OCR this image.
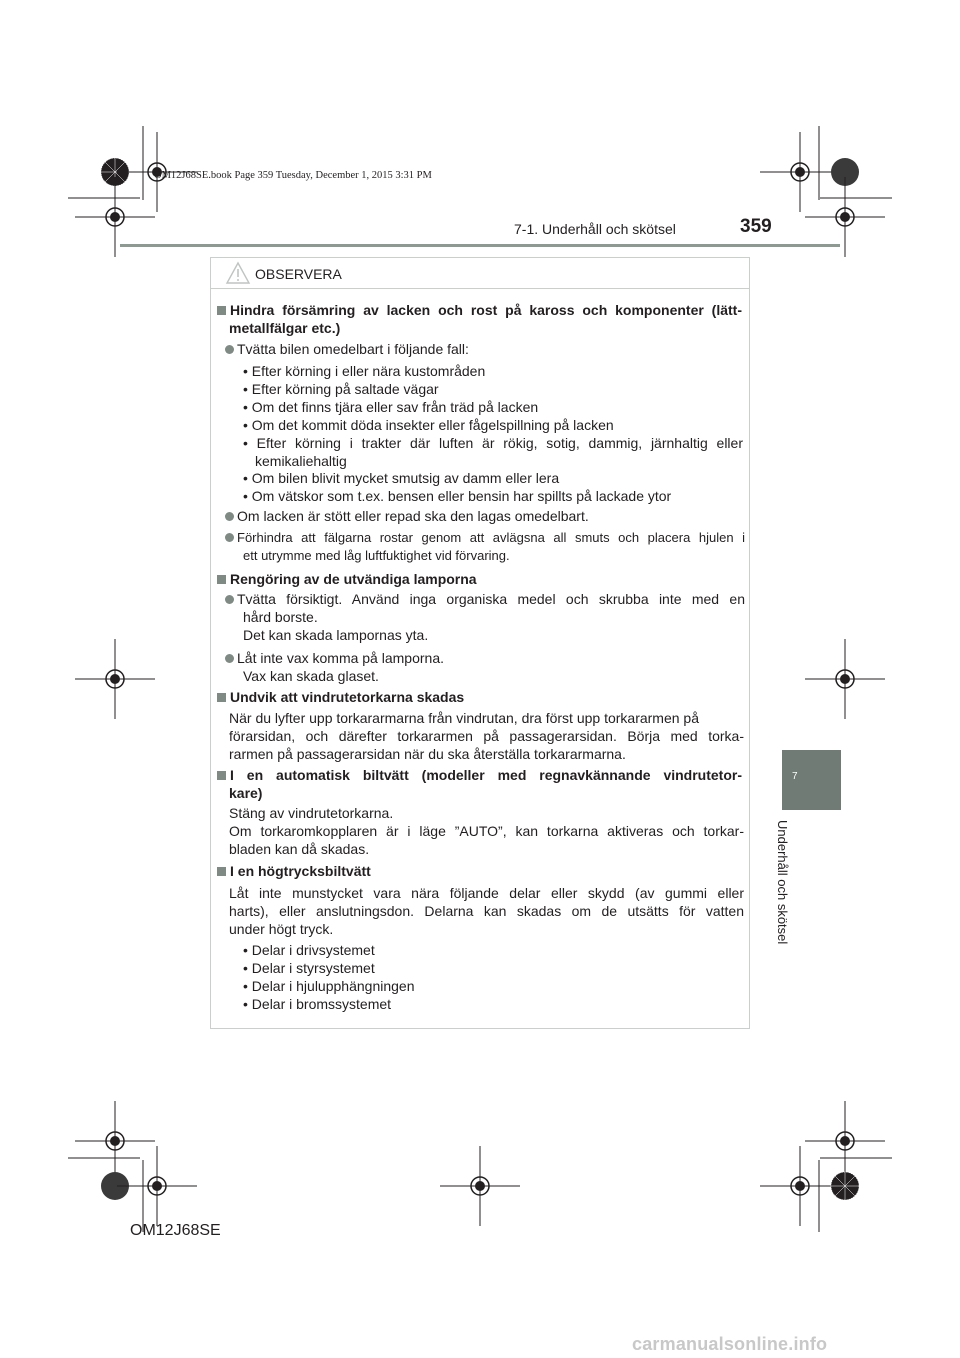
OM12J68SE.book Page 359 Tuesday, December 1, 2015 3:31 PM
7-1. Underhåll och skötsel	359
7
Underhåll och skötsel
OBSERVERA
Hindra försämring av lacken och rost på kaross och komponenter (lätt-
metallfälgar etc.)
Tvätta bilen omedelbart i följande fall:
• Efter körning i eller nära kustområden
• Efter körning på saltade vägar
• Om det finns tjära eller sav från träd på lacken
• Om det kommit döda insekter eller fågelspillning på lacken
• Efter körning i trakter där luften är rökig, sotig, dammig, järnhaltig eller
kemikaliehaltig
• Om bilen blivit mycket smutsig av damm eller lera
• Om vätskor som t.ex. bensen eller bensin har spillts på lackade ytor
Om lacken är stött eller repad ska den lagas omedelbart.
Förhindra att fälgarna rostar genom att avlägsna all smuts och placera hjulen i
ett utrymme med låg luftfuktighet vid förvaring.
Rengöring av de utvändiga lamporna
Tvätta försiktigt. Använd inga organiska medel och skrubba inte med en
hård borste.
Det kan skada lampornas yta.
Låt inte vax komma på lamporna.
Vax kan skada glaset.
Undvik att vindrutetorkarna skadas
När du lyfter upp torkararmarna från vindrutan, dra först upp torkararmen på
förarsidan, och därefter torkararmen på passagerarsidan. Börja med torka-
rarmen på passagerarsidan när du ska återställa torkararmarna.
I en automatisk biltvätt (modeller med regnavkännande vindrutetor-
kare)
Stäng av vindrutetorkarna.
Om torkaromkopplaren är i läge ”AUTO”, kan torkarna aktiveras och torkar-
bladen kan då skadas.
I en högtrycksbiltvätt
Låt inte munstycket vara nära följande delar eller skydd (av gummi eller
harts), eller anslutningsdon. Delarna kan skadas om de utsätts för vatten
under högt tryck.
• Delar i drivsystemet
• Delar i styrsystemet
• Delar i hjulupphängningen
• Delar i bromssystemet
OM12J68SE
carmanualsonline.info
